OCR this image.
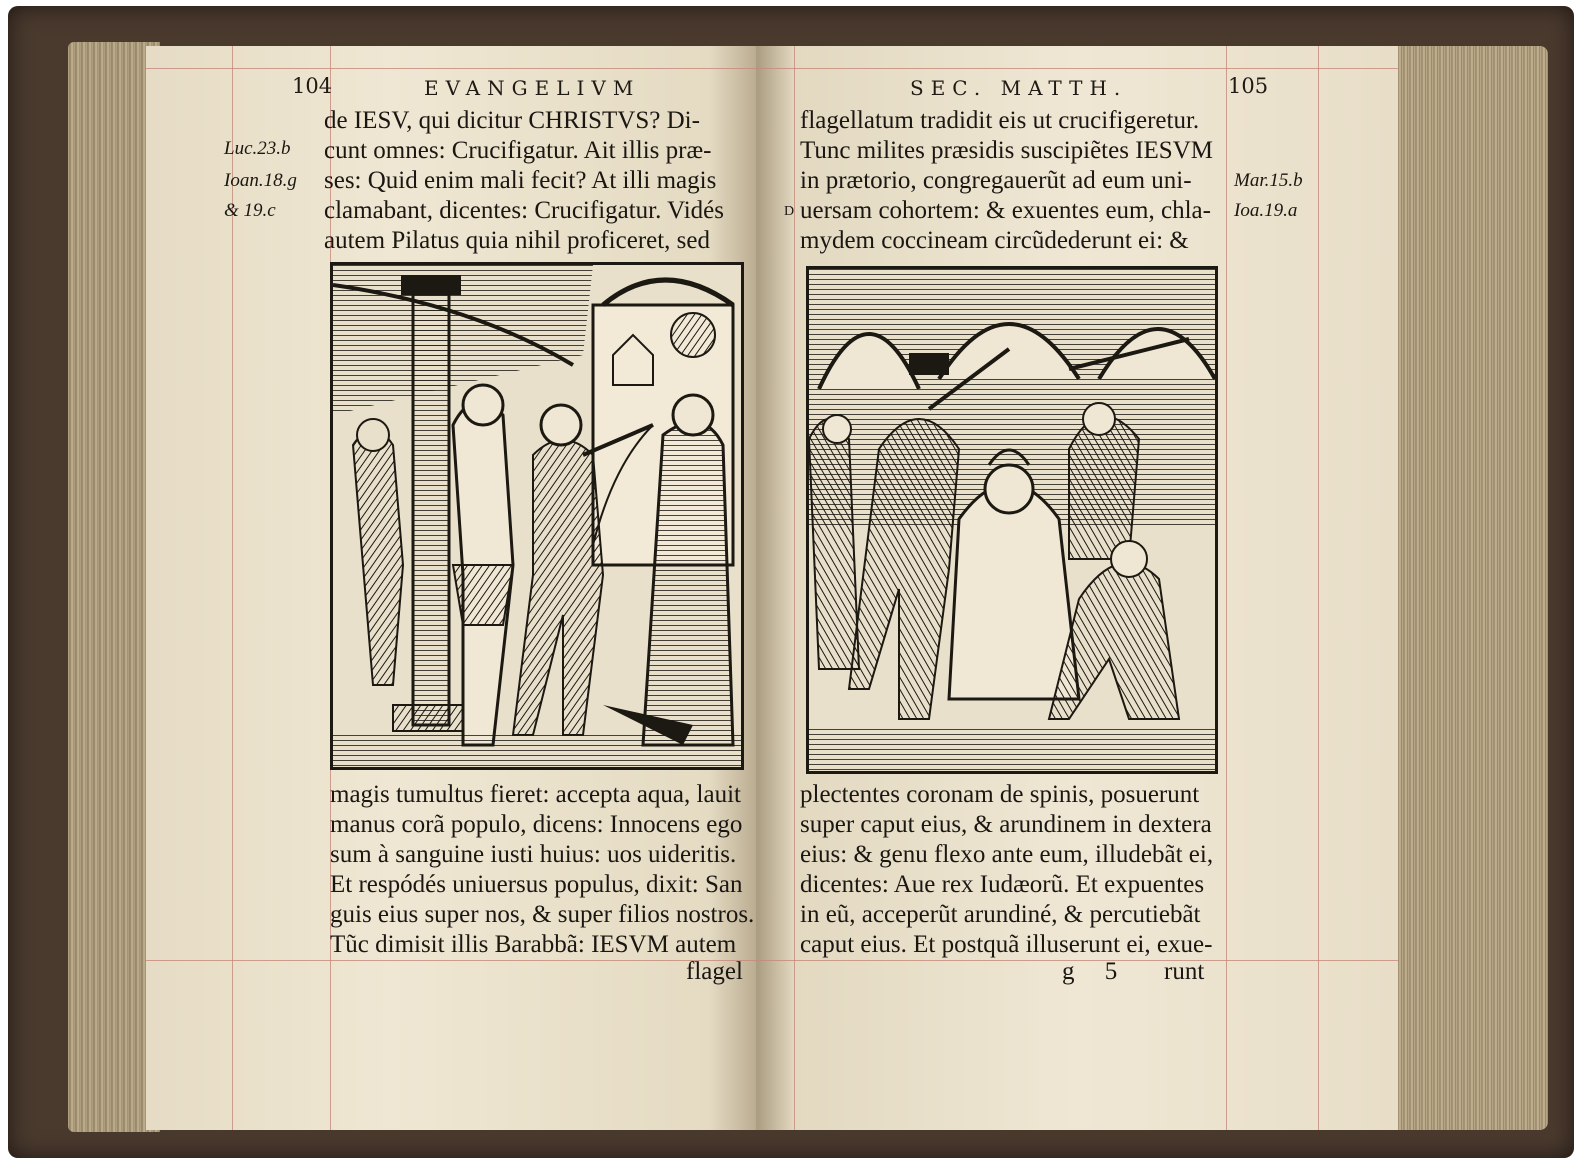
104	EVANGELIVM
Luc.23.b
Ioan.18.g
& 19.c
de IESV, qui dicitur CHRISTVS? Di-
cunt omnes: Crucifigatur. Ait illis præ-
ses: Quid enim mali fecit? At illi magis
clamabant, dicentes: Crucifigatur. Vidés
autem Pilatus quia nihil proficeret, sed
magis tumultus fieret: accepta aqua, lauit
manus corã populo, dicens: Innocens ego
sum à sanguine iusti huius: uos uideritis.
Et respódés uniuersus populus, dixit: San
guis eius super nos, & super filios nostros.
Tũc dimisit illis Barabbã: IESVM autem
flagel
SEC. MATTH.	105
Mar.15.b
Ioa.19.a
D
flagellatum tradidit eis ut crucifigeretur.
Tunc milites præsidis suscipiẽtes IESVM
in prætorio, congregauerũt ad eum uni-
uersam cohortem: & exuentes eum, chla-
mydem coccineam circũdederunt ei: &
plectentes coronam de spinis, posuerunt
super caput eius, & arundinem in dextera
eius: & genu flexo ante eum, illudebãt ei,
dicentes: Aue rex Iudæorũ. Et expuentes
in eũ, acceperũt arundiné, & percutiebãt
caput eius. Et postquã illuserunt ei, exue-
g 5 runt
